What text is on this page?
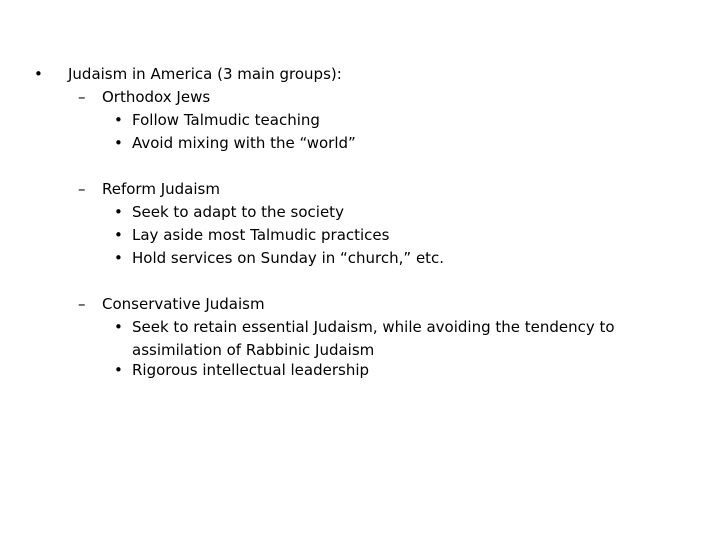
• Judaism in America (3 main groups):
– Orthodox Jews
• Follow Talmudic teaching
• Avoid mixing with the “world”
– Reform Judaism
• Seek to adapt to the society
• Lay aside most Talmudic practices
• Hold services on Sunday in “church,” etc.
– Conservative Judaism
• Seek to retain essential Judaism, while avoiding the tendency to assimilation of Rabbinic Judaism
• Rigorous intellectual leadership
